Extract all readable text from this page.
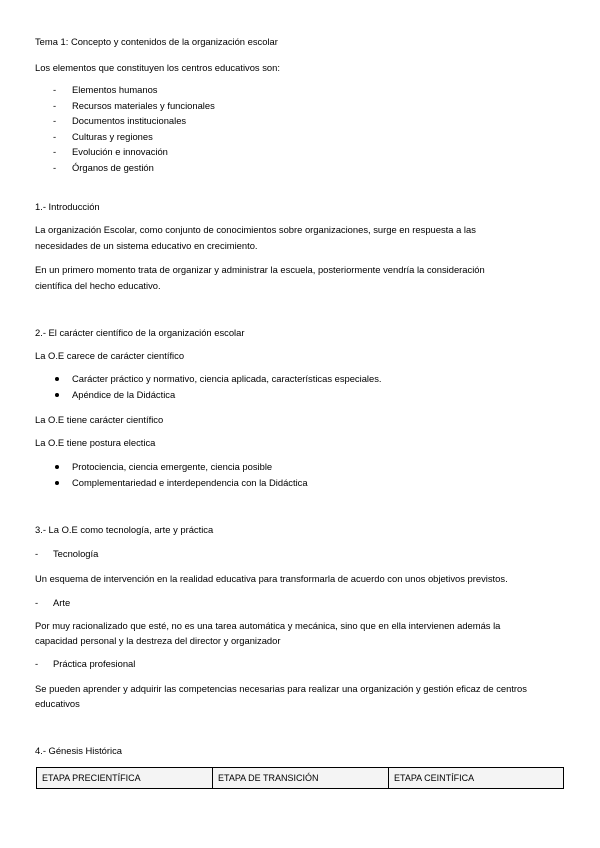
Tema 1: Concepto y contenidos de la organización escolar
Los elementos que constituyen los centros educativos son:
- Elementos humanos
- Recursos materiales y funcionales
- Documentos institucionales
- Culturas y regiones
- Evolución e innovación
- Órganos de gestión
1.- Introducción
La organización Escolar, como conjunto de conocimientos sobre organizaciones, surge en respuesta a las
necesidades de un sistema educativo en crecimiento.
En un primero momento trata de organizar y administrar la escuela, posteriormente vendría la consideración
científica del hecho educativo.
2.- El carácter científico de la organización escolar
La O.E carece de carácter científico
Carácter práctico y normativo, ciencia aplicada, características especiales.
Apéndice de la Didáctica
La O.E tiene carácter científico
La O.E tiene postura electica
Protociencia, ciencia emergente, ciencia posible
Complementariedad e interdependencia con la Didáctica
3.- La O.E como tecnología, arte y práctica
- Tecnología
Un esquema de intervención en la realidad educativa para transformarla de acuerdo con unos objetivos previstos.
- Arte
Por muy racionalizado que esté, no es una tarea automática y mecánica, sino que en ella intervienen además la
capacidad personal y la destreza del director y organizador
- Práctica profesional
Se pueden aprender y adquirir las competencias necesarias para realizar una organización y gestión eficaz de centros
educativos
4.- Génesis Histórica
ETAPA PRECIENTÍFICA	ETAPA DE TRANSICIÓN	ETAPA CEINTÍFICA
